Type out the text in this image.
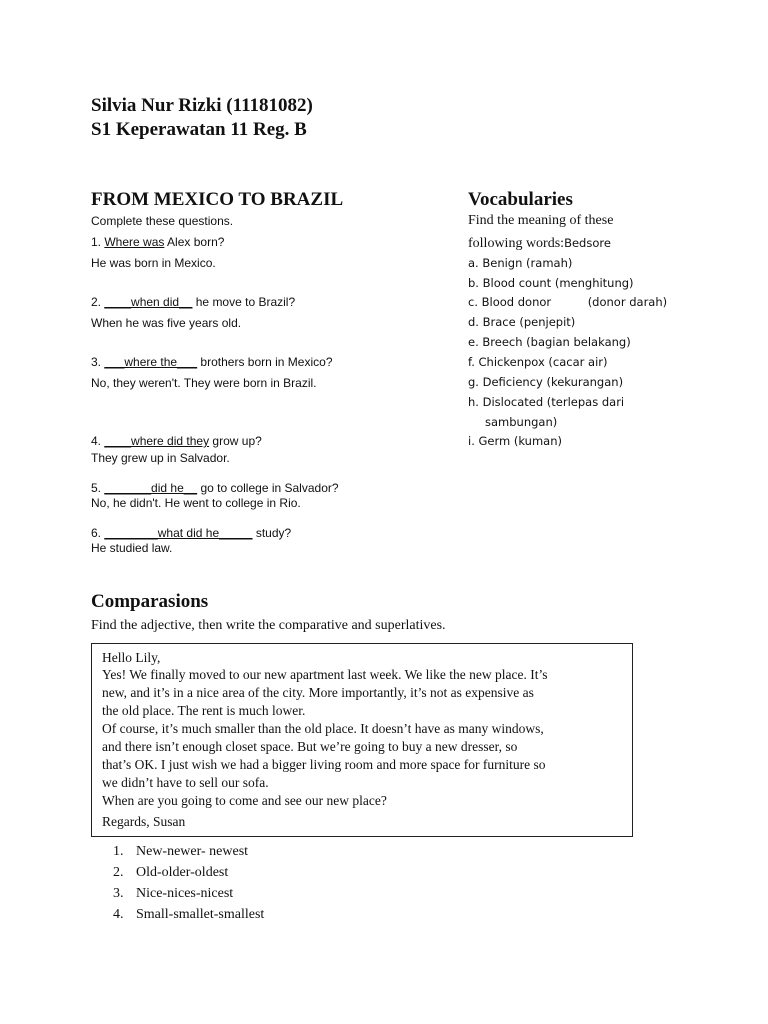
Silvia Nur Rizki (11181082)
S1 Keperawatan 11 Reg. B
FROM MEXICO TO BRAZIL
Complete these questions.
1. Where was Alex born?
He was born in Mexico.
2. ____when did__ he move to Brazil?
When he was five years old.
3. ___where the___ brothers born in Mexico?
No, they weren't. They were born in Brazil.
4. ____where did they grow up?
They grew up in Salvador.
5. _______did he__ go to college in Salvador?
No, he didn't. He went to college in Rio.
6. ________what did he_____ study?
He studied law.
Vocabularies
Find the meaning of these
following words:Bedsore
a. Benign (ramah)
b. Blood count (menghitung)
c. Blood donor          (donor darah)
d. Brace (penjepit)
e. Breech (bagian belakang)
f. Chickenpox (cacar air)
g. Deficiency (kekurangan)
h. Dislocated (terlepas dari
sambungan)
i. Germ (kuman)
Comparasions
Find the adjective, then write the comparative and superlatives.
Hello Lily,
Yes! We finally moved to our new apartment last week. We like the new place. It’s
new, and it’s in a nice area of the city. More importantly, it’s not as expensive as
the old place. The rent is much lower.
Of course, it’s much smaller than the old place. It doesn’t have as many windows,
and there isn’t enough closet space. But we’re going to buy a new dresser, so
that’s OK. I just wish we had a bigger living room and more space for furniture so
we didn’t have to sell our sofa.
When are you going to come and see our new place?
Regards, Susan
1. New-newer- newest
2. Old-older-oldest
3. Nice-nices-nicest
4. Small-smallet-smallest
